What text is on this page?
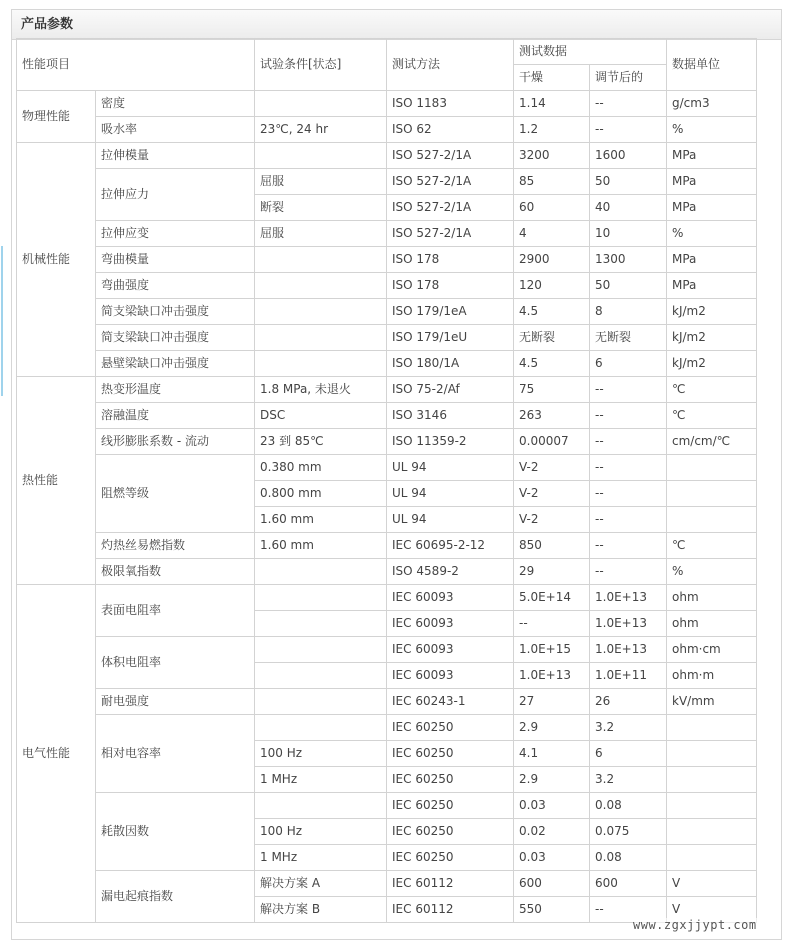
产品参数
性能项目		试验条件[状态]	测试方法	测试数据		数据单位
				干燥	调节后的	
物理性能	密度		ISO 1183	1.14	--	g/cm3
	吸水率	23℃, 24 hr	ISO 62	1.2	--	%
机械性能	拉伸模量		ISO 527-2/1A	3200	1600	MPa
	拉伸应力	屈服	ISO 527-2/1A	85	50	MPa
		断裂	ISO 527-2/1A	60	40	MPa
	拉伸应变	屈服	ISO 527-2/1A	4	10	%
	弯曲模量		ISO 178	2900	1300	MPa
	弯曲强度		ISO 178	120	50	MPa
	简支梁缺口冲击强度		ISO 179/1eA	4.5	8	kJ/m2
	简支梁缺口冲击强度		ISO 179/1eU	无断裂	无断裂	kJ/m2
	悬壁梁缺口冲击强度		ISO 180/1A	4.5	6	kJ/m2
热性能	热变形温度	1.8 MPa, 未退火	ISO 75-2/Af	75	--	℃
	溶融温度	DSC	ISO 3146	263	--	℃
	线形膨胀系数 - 流动	23 到 85℃	ISO 11359-2	0.00007	--	cm/cm/℃
	阻燃等级	0.380 mm	UL 94	V-2	--	
		0.800 mm	UL 94	V-2	--	
		1.60 mm	UL 94	V-2	--	
	灼热丝易燃指数	1.60 mm	IEC 60695-2-12	850	--	℃
	极限氧指数		ISO 4589-2	29	--	%
电气性能	表面电阻率		IEC 60093	5.0E+14	1.0E+13	ohm
			IEC 60093	--	1.0E+13	ohm
	体积电阻率		IEC 60093	1.0E+15	1.0E+13	ohm·cm
			IEC 60093	1.0E+13	1.0E+11	ohm·m
	耐电强度		IEC 60243-1	27	26	kV/mm
	相对电容率		IEC 60250	2.9	3.2	
		100 Hz	IEC 60250	4.1	6	
		1 MHz	IEC 60250	2.9	3.2	
	耗散因数		IEC 60250	0.03	0.08	
		100 Hz	IEC 60250	0.02	0.075	
		1 MHz	IEC 60250	0.03	0.08	
	漏电起痕指数	解决方案 A	IEC 60112	600	600	V
		解决方案 B	IEC 60112	550	--	V
www.zgxjjypt.com
